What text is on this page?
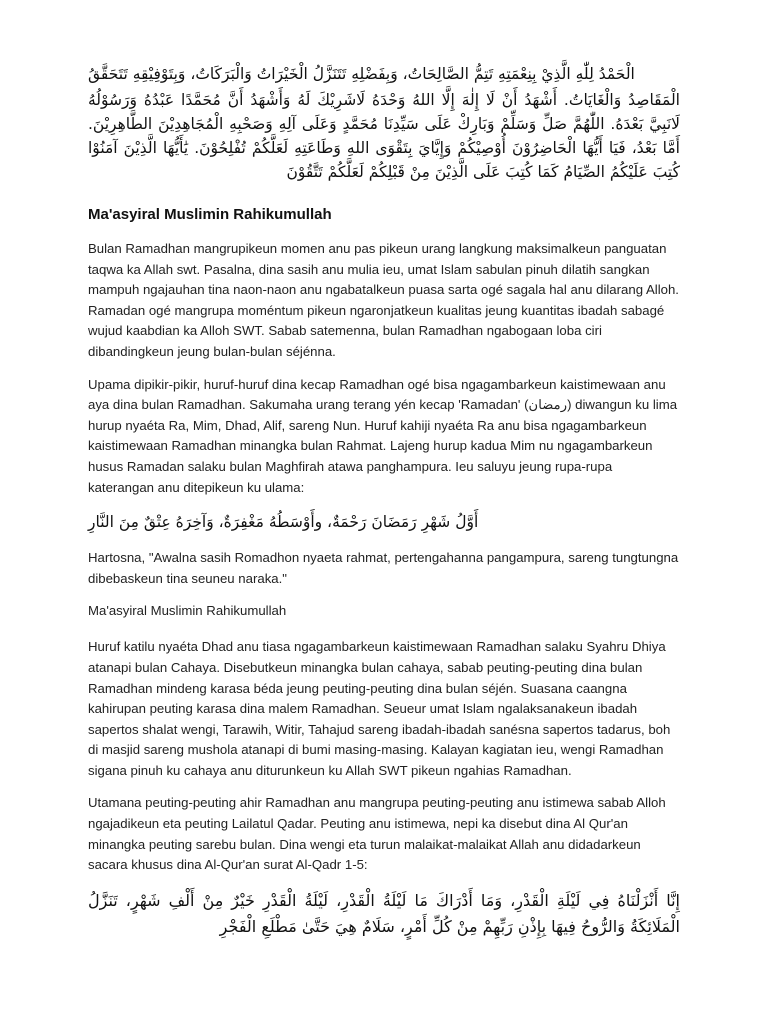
الْحَمْدُ لِلّٰهِ الَّذِيْ بِنِعْمَتِهِ تَتِمُّ الصَّالِحَاتُ، وَبِفَضْلِهِ تَتَنَزَّلُ الْخَيْرَاتُ وَالْبَرَكَاتُ، وَبِتَوْفِيْقِهِ تَتَحَقَّقُ
الْمَقَاصِدُ وَالْغَايَاتُ. أَشْهَدُ أَنْ لَا إِلٰهَ إِلَّا اللهُ وَحْدَهُ لَاشَرِيْكَ لَهُ وَأَشْهَدُ أَنَّ مُحَمَّدًا عَبْدُهُ وَرَسُوْلُهُ لَانَبِيَّ بَعْدَهُ. اللّٰهُمَّ صَلِّ وَسَلِّمْ وَبَارِكْ عَلَى سَيِّدِنَا مُحَمَّدٍ وَعَلَى آلِهِ وَصَحْبِهِ الْمُجَاهِدِيْنَ الطَّاهِرِيْنَ. أَمَّا بَعْدُ، فَيَا أَيُّهَا الْحَاضِرُوْنَ أُوْصِيْكُمْ وَإِيَّايَ بِتَقْوَى اللهِ وَطَاعَتِهِ لَعَلَّكُمْ تُفْلِحُوْنَ. يَٰأَيُّهَا الَّذِيْنَ آمَنُوْا كُتِبَ عَلَيْكُمُ الصِّيَامُ كَمَا كُتِبَ عَلَى الَّذِيْنَ مِنْ قَبْلِكُمْ لَعَلَّكُمْ تَتَّقُوْنَ
Ma'asyiral Muslimin Rahikumullah

Bulan Ramadhan mangrupikeun momen anu pas pikeun urang langkung maksimalkeun panguatan taqwa ka Allah swt. Pasalna, dina sasih anu mulia ieu, umat Islam sabulan pinuh dilatih sangkan mampuh ngajauhan tina naon-naon anu ngabatalkeun puasa sarta ogé sagala hal anu dilarang Alloh. Ramadan ogé mangrupa moméntum pikeun ngaronjatkeun kualitas jeung kuantitas ibadah sabagé wujud kaabdian ka Alloh SWT. Sabab satemenna, bulan Ramadhan ngabogaan loba ciri dibandingkeun jeung bulan-bulan séjénna.

Upama dipikir-pikir, huruf-huruf dina kecap Ramadhan ogé bisa ngagambarkeun kaistimewaan anu aya dina bulan Ramadhan. Sakumaha urang terang yén kecap 'Ramadan' (رمضان) diwangun ku lima hurup nyaéta Ra, Mim, Dhad, Alif, sareng Nun. Huruf kahiji nyaéta Ra anu bisa ngagambarkeun kaistimewaan Ramadhan minangka bulan Rahmat. Lajeng hurup kadua Mim nu ngagambarkeun husus Ramadan salaku bulan Maghfirah atawa panghampura. Ieu saluyu jeung rupa-rupa katerangan anu ditepikeun ku ulama:

أَوَّلُ شَهْرِ رَمَضَانَ رَحْمَةٌ، وأَوْسَطُهُ مَغْفِرَةٌ، وَآخِرَهُ عِتْقٌ مِنَ النَّارِ

Hartosna, "Awalna sasih Romadhon nyaeta rahmat, pertengahanna pangampura, sareng tungtungna dibebaskeun tina seuneu naraka."

Ma'asyiral Muslimin Rahikumullah

Huruf katilu nyaéta Dhad anu tiasa ngagambarkeun kaistimewaan Ramadhan salaku Syahru Dhiya atanapi bulan Cahaya. Disebutkeun minangka bulan cahaya, sabab peuting-peuting dina bulan Ramadhan mindeng karasa béda jeung peuting-peuting dina bulan séjén. Suasana caangna kahirupan peuting karasa dina malem Ramadhan. Seueur umat Islam ngalaksanakeun ibadah sapertos shalat wengi, Tarawih, Witir, Tahajud sareng ibadah-ibadah sanésna sapertos tadarus, boh di masjid sareng mushola atanapi di bumi masing-masing. Kalayan kagiatan ieu, wengi Ramadhan sigana pinuh ku cahaya anu diturunkeun ku Allah SWT pikeun ngahias Ramadhan.

Utamana peuting-peuting ahir Ramadhan anu mangrupa peuting-peuting anu istimewa sabab Alloh ngajadikeun eta peuting Lailatul Qadar. Peuting anu istimewa, nepi ka disebut dina Al Qur'an minangka peuting sarebu bulan. Dina wengi eta turun malaikat-malaikat Allah anu didadarkeun sacara khusus dina Al-Qur'an surat Al-Qadr 1-5:

إِنَّا أَنْزَلْنَاهُ فِي لَيْلَةِ الْقَدْرِ، وَمَا أَدْرَاكَ مَا لَيْلَةُ الْقَدْرِ، لَيْلَةُ الْقَدْرِ خَيْرٌ مِنْ أَلْفِ شَهْرٍ، تَنَزَّلُ الْمَلَائِكَةُ وَالرُّوحُ فِيهَا بِإِذْنِ رَبِّهِمْ مِنْ كُلِّ أَمْرٍ، سَلَامٌ هِيَ حَتَّىٰ مَطْلَعِ الْفَجْرِ
